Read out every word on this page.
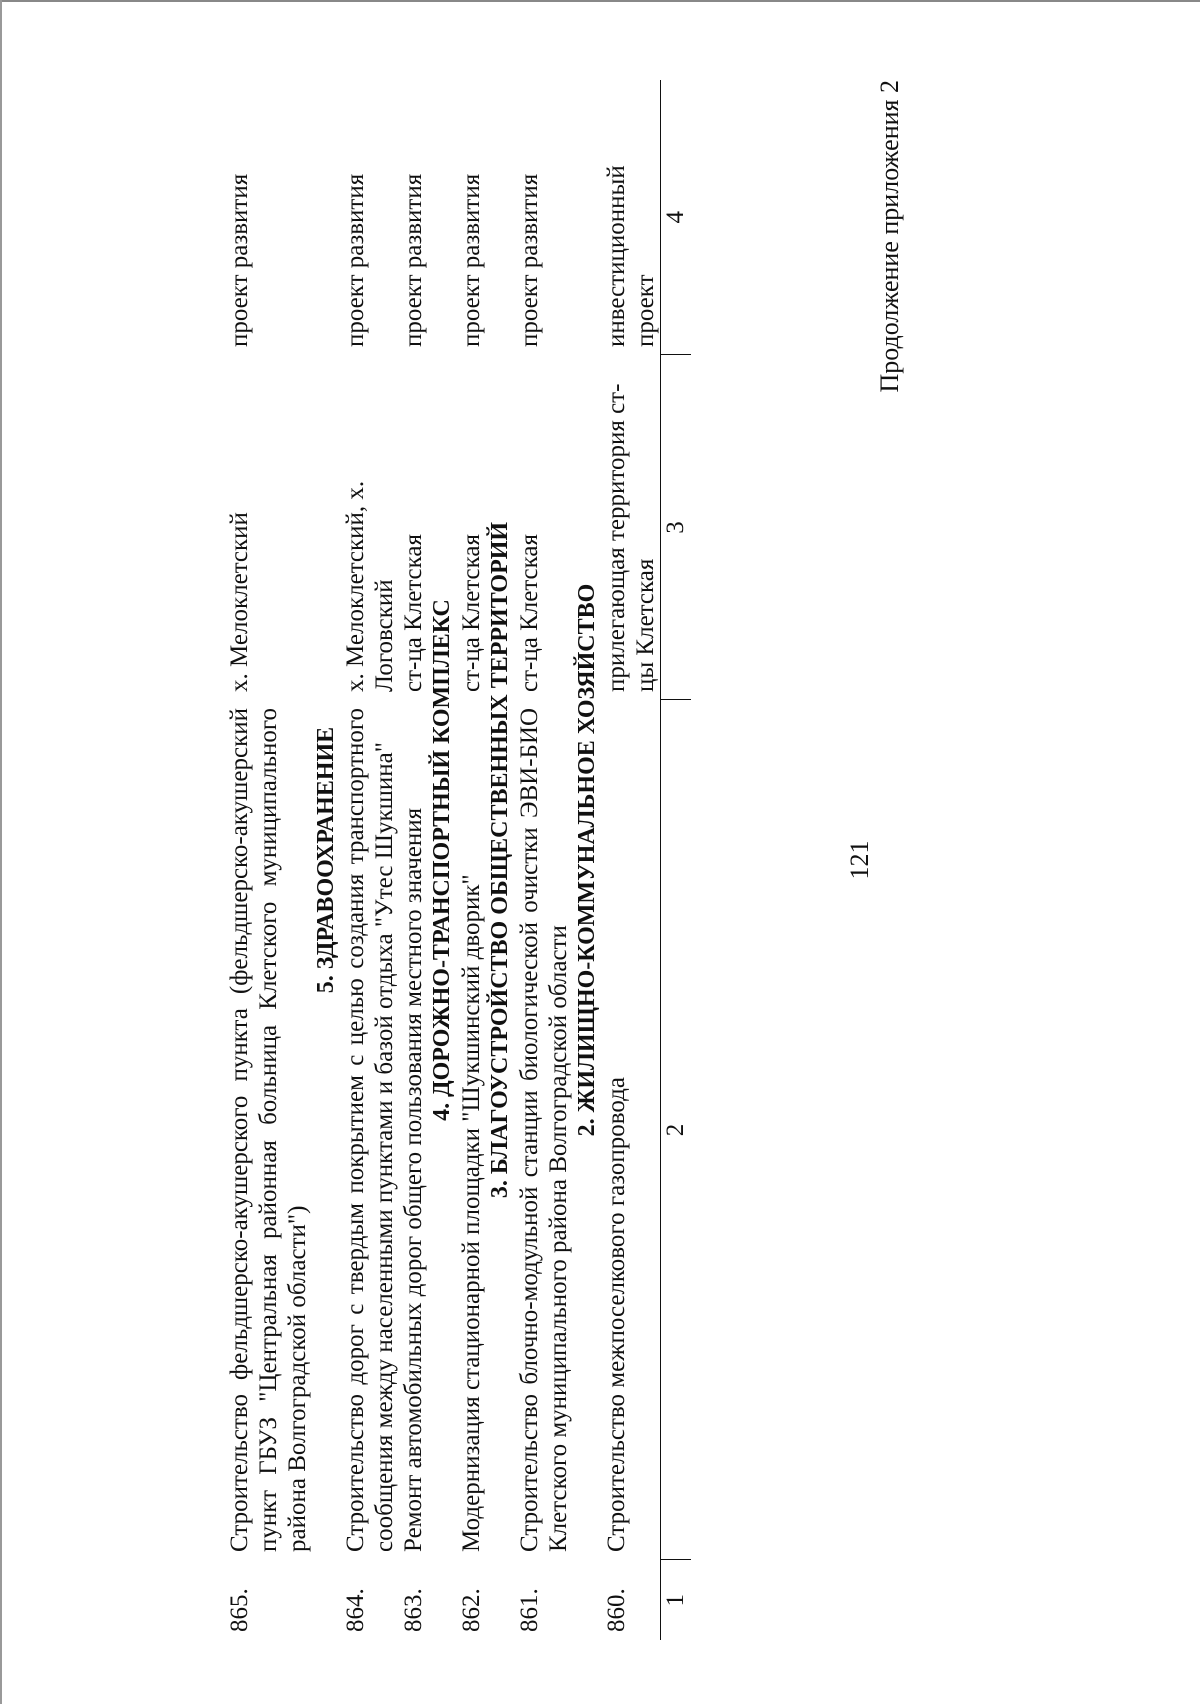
121
Продолжение приложения 2
865.	Строительство фельдшерско-акушерского пункта (фельдшерско-акушерский пункт ГБУЗ "Центральная районная больница Клетского муниципального района Волгоградской области")	х. Мелоклетский	проект развития
5. ЗДРАВООХРАНЕНИЕ			
864.	Строительство дорог с твердым покрытием с целью создания транспортного сообщения между населенными пунктами и базой отдыха "Утес Шукшина"	х. Мелоклетский, х. Логовский	проект развития
863.	Ремонт автомобильных дорог общего пользования местного значения	ст-ца Клетская	проект развития
4. ДОРОЖНО-ТРАНСПОРТНЫЙ КОМПЛЕКС			
862.	Модернизация стационарной площадки "Шукшинский дворик"	ст-ца Клетская	проект развития
3. БЛАГОУСТРОЙСТВО ОБЩЕСТВЕННЫХ ТЕРРИТОРИЙ			
861.	Строительство блочно-модульной станции биологической очистки ЭВИ-БИО Клетского муниципального района Волгоградской области	ст-ца Клетская	проект развития
2. ЖИЛИЩНО-КОММУНАЛЬНОЕ ХОЗЯЙСТВО			
860.	Строительство межпоселкового газопровода	прилегающая территория ст-цы Клетская	инвестиционный проект
1	2	3	4
